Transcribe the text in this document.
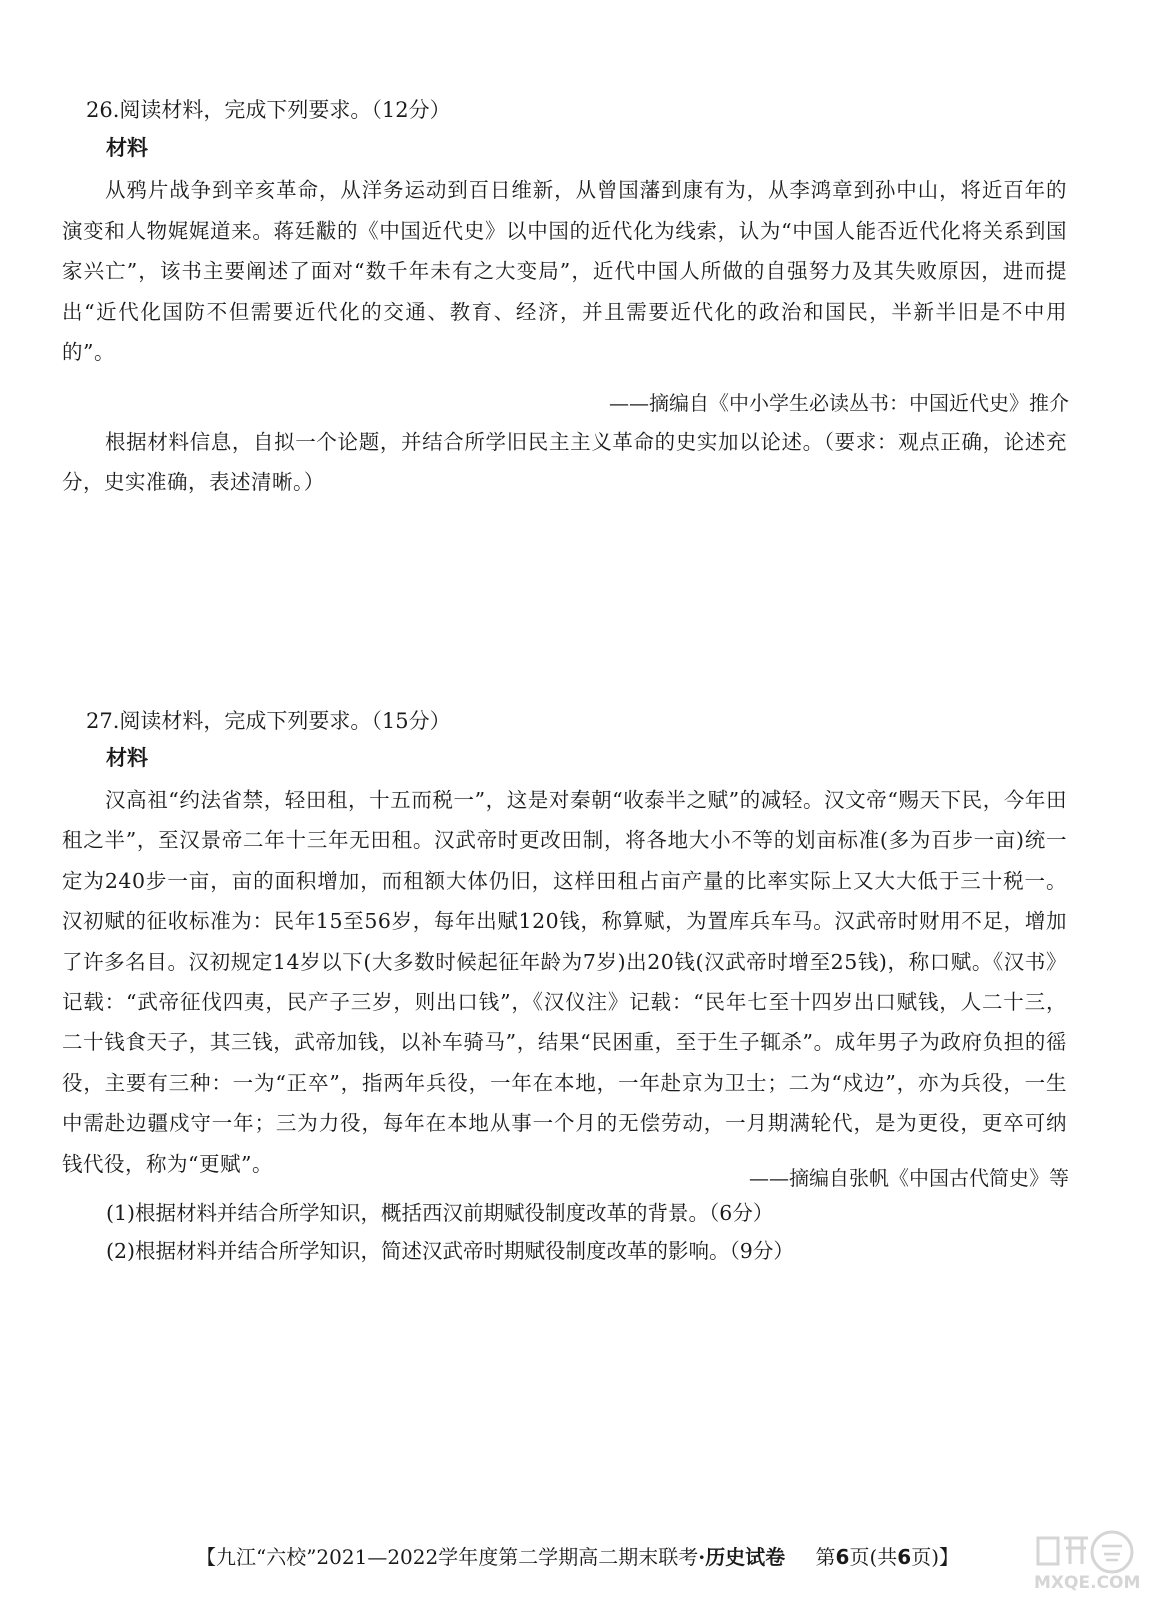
26.阅读材料，完成下列要求。（12分）
材料

从鸦片战争到辛亥革命，从洋务运动到百日维新，从曾国藩到康有为，从李鸿章到孙中山，将近百年的演变和人物娓娓道来。蒋廷黻的《中国近代史》以中国的近代化为线索，认为“中国人能否近代化将关系到国家兴亡”，该书主要阐述了面对“数千年未有之大变局”，近代中国人所做的自强努力及其失败原因，进而提出“近代化国防不但需要近代化的交通、教育、经济，并且需要近代化的政治和国民，半新半旧是不中用的”。

——摘编自《中小学生必读丛书：中国近代史》推介

根据材料信息，自拟一个论题，并结合所学旧民主主义革命的史实加以论述。（要求：观点正确，论述充分，史实准确，表述清晰。）

27.阅读材料，完成下列要求。（15分）
材料

汉高祖“约法省禁，轻田租，十五而税一”，这是对秦朝“收泰半之赋”的减轻。汉文帝“赐天下民，今年田租之半”，至汉景帝二年十三年无田租。汉武帝时更改田制，将各地大小不等的划亩标准(多为百步一亩)统一定为240步一亩，亩的面积增加，而租额大体仍旧，这样田租占亩产量的比率实际上又大大低于三十税一。汉初赋的征收标准为：民年15至56岁，每年出赋120钱，称算赋，为置库兵车马。汉武帝时财用不足，增加了许多名目。汉初规定14岁以下(大多数时候起征年龄为7岁)出20钱(汉武帝时增至25钱)，称口赋。《汉书》记载：“武帝征伐四夷，民产子三岁，则出口钱”，《汉仪注》记载：“民年七至十四岁出口赋钱，人二十三，二十钱食天子，其三钱，武帝加钱，以补车骑马”，结果“民困重，至于生子辄杀”。成年男子为政府负担的徭役，主要有三种：一为“正卒”，指两年兵役，一年在本地，一年赴京为卫士；二为“戍边”，亦为兵役，一生中需赴边疆戍守一年；三为力役，每年在本地从事一个月的无偿劳动，一月期满轮代，是为更役，更卒可纳钱代役，称为“更赋”。

——摘编自张帆《中国古代简史》等
(1)根据材料并结合所学知识，概括西汉前期赋役制度改革的背景。（6分）
(2)根据材料并结合所学知识，简述汉武帝时期赋役制度改革的影响。（9分）
【九江“六校”2021—2022学年度第二学期高二期末联考·历史试卷 第6页(共6页)】
MXQE.COM
